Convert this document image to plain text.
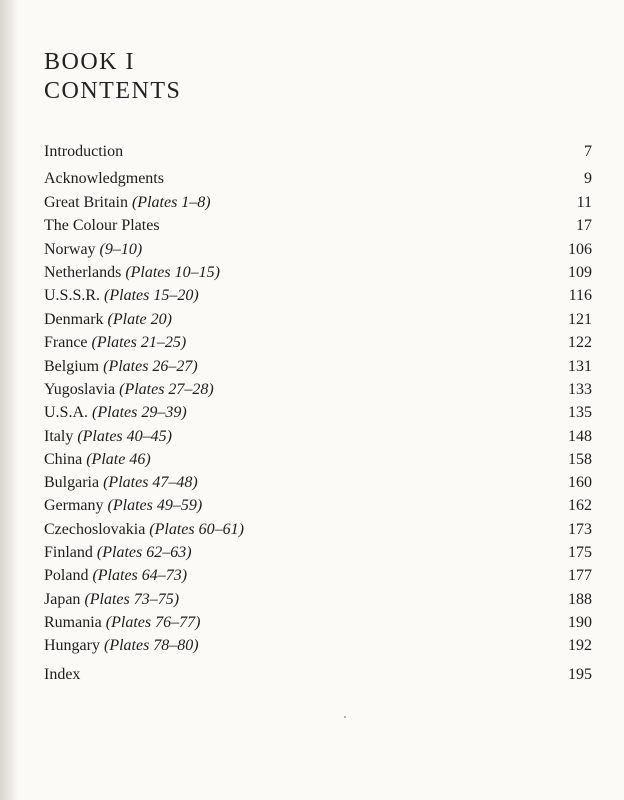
BOOK I
CONTENTS
Introduction	7
Acknowledgments	9
Great Britain (Plates 1–8)	11
The Colour Plates	17
Norway (9–10)	106
Netherlands (Plates 10–15)	109
U.S.S.R. (Plates 15–20)	116
Denmark (Plate 20)	121
France (Plates 21–25)	122
Belgium (Plates 26–27)	131
Yugoslavia (Plates 27–28)	133
U.S.A. (Plates 29–39)	135
Italy (Plates 40–45)	148
China (Plate 46)	158
Bulgaria (Plates 47–48)	160
Germany (Plates 49–59)	162
Czechoslovakia (Plates 60–61)	173
Finland (Plates 62–63)	175
Poland (Plates 64–73)	177
Japan (Plates 73–75)	188
Rumania (Plates 76–77)	190
Hungary (Plates 78–80)	192
Index	195
